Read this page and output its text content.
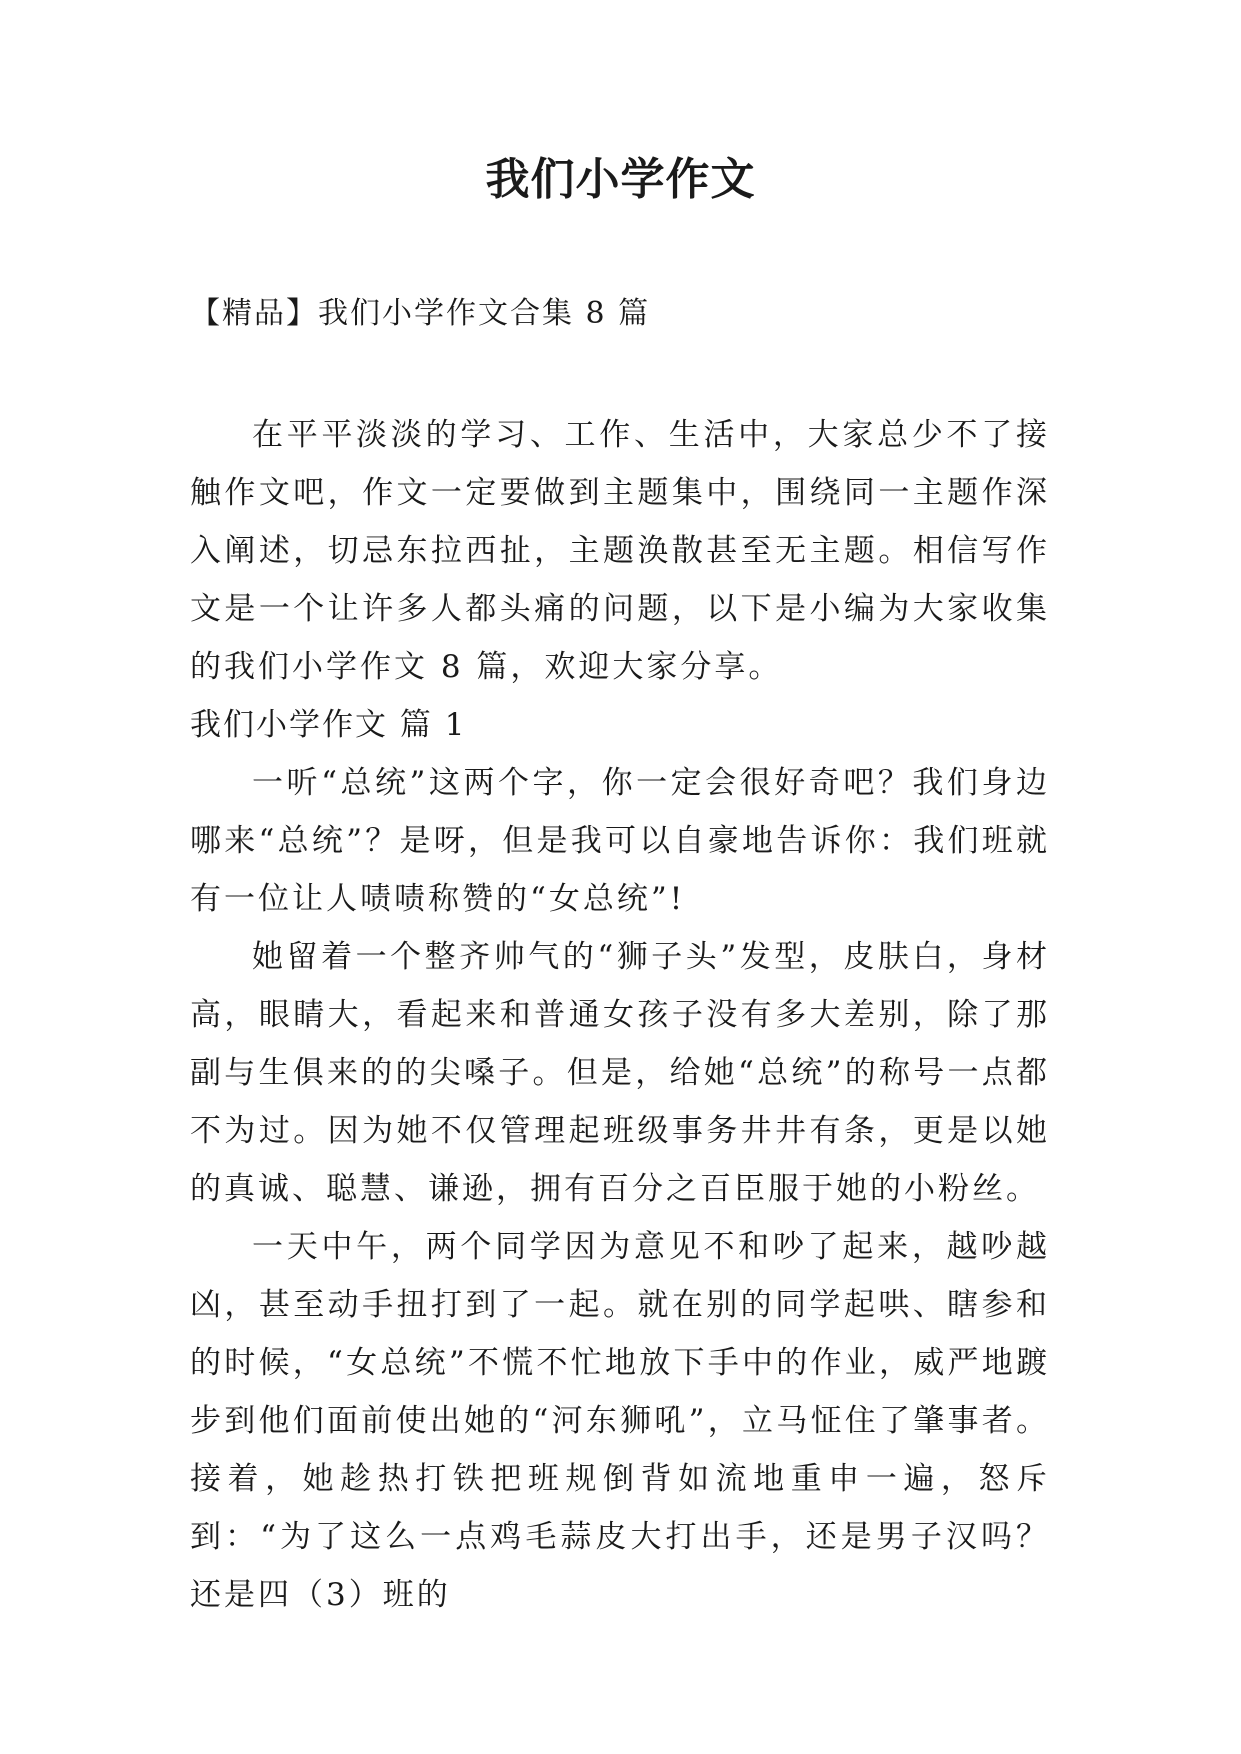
我们小学作文
【精品】我们小学作文合集 8 篇

在平平淡淡的学习、工作、生活中，大家总少不了接触作文吧，作文一定要做到主题集中，围绕同一主题作深入阐述，切忌东拉西扯，主题涣散甚至无主题。相信写作文是一个让许多人都头痛的问题，以下是小编为大家收集的我们小学作文 8 篇，欢迎大家分享。

我们小学作文 篇 1

一听“总统”这两个字，你一定会很好奇吧？我们身边哪来“总统”？是呀，但是我可以自豪地告诉你：我们班就有一位让人啧啧称赞的“女总统”!

她留着一个整齐帅气的“狮子头”发型，皮肤白，身材高，眼睛大，看起来和普通女孩子没有多大差别，除了那副与生俱来的的尖嗓子。但是，给她“总统”的称号一点都不为过。因为她不仅管理起班级事务井井有条，更是以她的真诚、聪慧、谦逊，拥有百分之百臣服于她的小粉丝。

一天中午，两个同学因为意见不和吵了起来，越吵越凶，甚至动手扭打到了一起。就在别的同学起哄、瞎参和的时候，“女总统”不慌不忙地放下手中的作业，威严地踱步到他们面前使出她的“河东狮吼”，立马怔住了肇事者。接着，她趁热打铁把班规倒背如流地重申一遍，怒斥到：“为了这么一点鸡毛蒜皮大打出手，还是男子汉吗？还是四（3）班的
